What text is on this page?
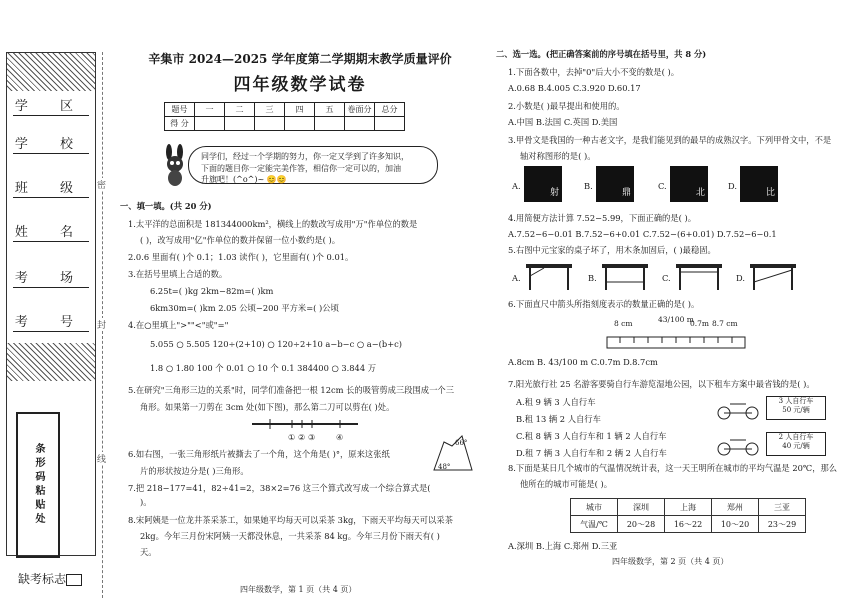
学 区
学 校
班 级
姓 名
考 场
考 号
条形码粘贴处
缺考标志
密
封
线
辛集市 2024—2025 学年度第二学期期末教学质量评价
四年级数学试卷
题号	一	二	三	四	五	卷面分	总分
得 分							
同学们，经过一个学期的努力，你一定又学到了许多知识，
下面的题目你一定能完美作答，相信你一定可以的，加油
升旗吧！(^o^)~ 😊😊
一、填一填。(共 20 分)
1.太平洋的总面积是 181344000km²，横线上的数改写成用"万"作单位的数是
( )，改写成用"亿"作单位的数并保留一位小数约是( )。
2.0.6 里面有( )个 0.1；1.03 读作( )，它里面有( )个 0.01。
3.在括号里填上合适的数。
6.25t=( )kg 2km−82m=( )km
6km30m=( )km 2.05 公顷−200 平方米=( )公顷
4.在○里填上">""<"或"="
5.055 ○ 5.505 120÷(2+10) ○ 120÷2+10 a−b−c ○ a−(b+c)
1.8 ○ 1.80 100 个 0.01 ○ 10 个 0.1 384400 ○ 3.844 万
5.在研究"三角形三边的关系"时，同学们准备把一根 12cm 长的吸管剪成三段围成一个三
角形。如果第一刀剪在 3cm 处(如下图)，那么第二刀可以剪在( )处。
① ② ③	④
6.如右图，一张三角形纸片被撕去了一个角，这个角是( )°，原来这张纸
片的形状按边分是( )三角形。
66°
48°
7.把 218−177=41，82÷41=2，38×2=76 这三个算式改写成一个综合算式是(
)。
8.宋阿姨是一位龙井茶采茶工，如果她平均每天可以采茶 3kg，下雨天平均每天可以采茶
2kg。今年三月份宋阿姨一天都没休息，一共采茶 84 kg。今年三月份下雨天有( )
天。
四年级数学，第 1 页（共 4 页）
二、选一选。(把正确答案前的序号填在括号里，共 8 分)
1.下面各数中，去掉"0"后大小不变的数是( )。
A.0.68 B.4.005 C.3.920 D.60.17
2.小数是( )最早提出和使用的。
A.中国 B.法国 C.英国 D.美国
3.甲骨文是我国的一种古老文字，是我们能见到的最早的成熟汉字。下列甲骨文中，不是
轴对称图形的是( )。
A.
射
B.
鼎
C.
北
D.
比
4.用简便方法计算 7.52−5.99，下面正确的是( )。
A.7.52−6−0.01 B.7.52−6+0.01 C.7.52−(6+0.01) D.7.52−6−0.1
5.右图中元宝家的桌子坏了，用木条加固后，( )最稳固。
A.	B.	C.	D.
6.下面直尺中箭头所指刻度表示的数量正确的是( )。
8 cm	43/100 m
0.7m 8.7 cm
A.8cm B. 43/100 m C.0.7m D.8.7cm
7.阳光旅行社 25 名游客要骑自行车游览湿地公园，以下租车方案中最省钱的是( )。
A.租 9 辆 3 人自行车
B.租 13 辆 2 人自行车
C.租 8 辆 3 人自行车和 1 辆 2 人自行车
D.租 7 辆 3 人自行车和 2 辆 2 人自行车
3 人自行车
50 元/辆
2 人自行车
40 元/辆
8.下面是某日几个城市的气温情况统计表，这一天王明所在城市的平均气温是 20℃，那么
他所在的城市可能是( )。
A.深圳 B.上海 C.郑州 D.三亚
四年级数学，第 2 页（共 4 页）
城市	深圳	上海	郑州	三亚
气温/℃	20～28	16～22	10～20	23～29
